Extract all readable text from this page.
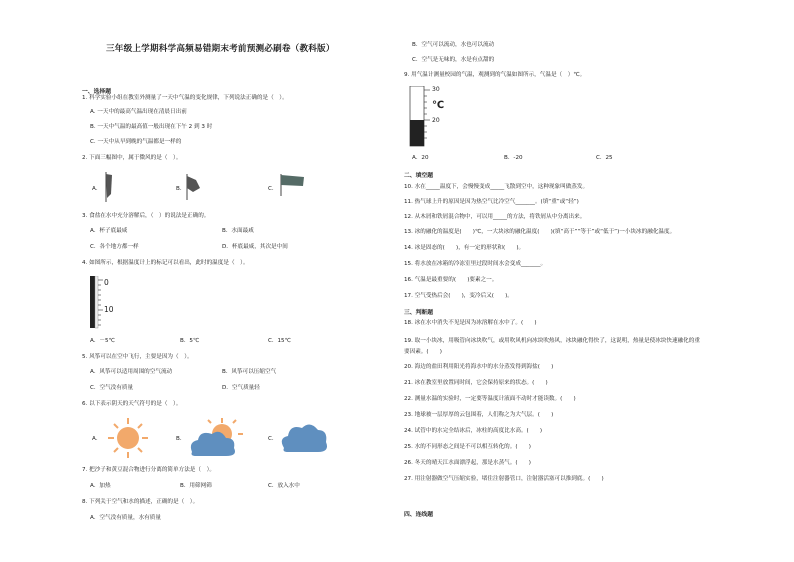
三年级上学期科学高频易错期末考前预测必刷卷（教科版）
一、选择题
1. 科学实验小组在教室外测量了一天中气温的变化规律，下列说法正确的是（　）。
A. 一天中的最高气温出现在清晨日出前
B. 一天中气温的最高值一般出现在下午 2 到 3 时
C. 一天中从早到晚的气温都是一样的
2. 下面三幅图中，属于微风的是（　）。
A．	B．	C．
3. 食盐在水中充分溶解后，（　）的说法是正确的。
A．杯子底最咸	B．水面最咸
C．各个地方都一样	D．杯底最咸，其次是中间
4. 如图所示，根据温度计上的标记可以看出，此时的温度是（　）。
0
10
A．－5℃	B．5℃	C．15℃
5. 风筝可以在空中飞行，主要是因为（　）。
A．风筝可以适用周围的空气流动	B．风筝可以压缩空气
C．空气没有质量	D．空气质量轻
6. 以下表示阴天的天气符号的是（　）。
A．	B．	C．
7. 把沙子和黄豆混合物进行分离的简单方法是（　）。
A．加热	B．用筛网筛	C．放入水中
8. 下列关于空气和水的描述，正确的是（　）。
A．空气没有质量，水有质量
B．空气可以流动，水也可以流动
C．空气是无味的，水是有点甜的
9. 用气温计测量校园的气温，观测到的气温如图所示，气温是（　）℃。
30
℃
20
A．20	B．-20	C．25
二、填空题
10. 水在_____温度下，会慢慢变成_____飞散到空中，这种现象叫做蒸发。
11. 热气球上升的原因是因为热空气比冷空气_______。(填“重”或“轻”)
12. 从木屑和铁屑混合物中，可以用_____的方法，将铁屑从中分离出来。
13. 冰的融化的温度是(　　)℃，一大块冰的融化温度(　　)(填“高于”“等于”或“低于”)一小块冰的融化温度。
14. 冰是固态的(　　)，有一定的形状和(　　)。
15. 将水放在冰箱的冷冻室里过段时间水会变成_______。
16. 气温是最重要的(　　)要素之一。
17. 空气受热后会(　　)，变冷后又(　　)。
三、判断题
18. 冰在水中消失不见是因为冰溶解在水中了。(　　)
19. 取一小块冰，用吸管向冰块吹气，或用吹风机向冰块吹热风，冰块融化得快了，这说明，热量是使冰块快速融化的重要因素。(　　)
20. 海边的盐田利用阳光将海水中的水分蒸发得到海盐(　　)
21. 冰在教室里放置同时间，它会保持原来的状态。(　　)
22. 测量水温的实验时，一定要等温度计液面不动时才能读数。(　　)
23. 地球被一层厚厚的云包围着，人们称之为大气层。(　　)
24. 试管中的水完全结冰后，冰柱的高度比水高。(　　)
25. 水的不同形态之间是不可以相互转化的。(　　)
26. 冬天的晴天江水面漂浮起，那是水蒸气。(　　)
27. 用注射器做空气压缩实验，堵住注射器管口，注射器活塞可以推到底。(　　)
四、连线题
